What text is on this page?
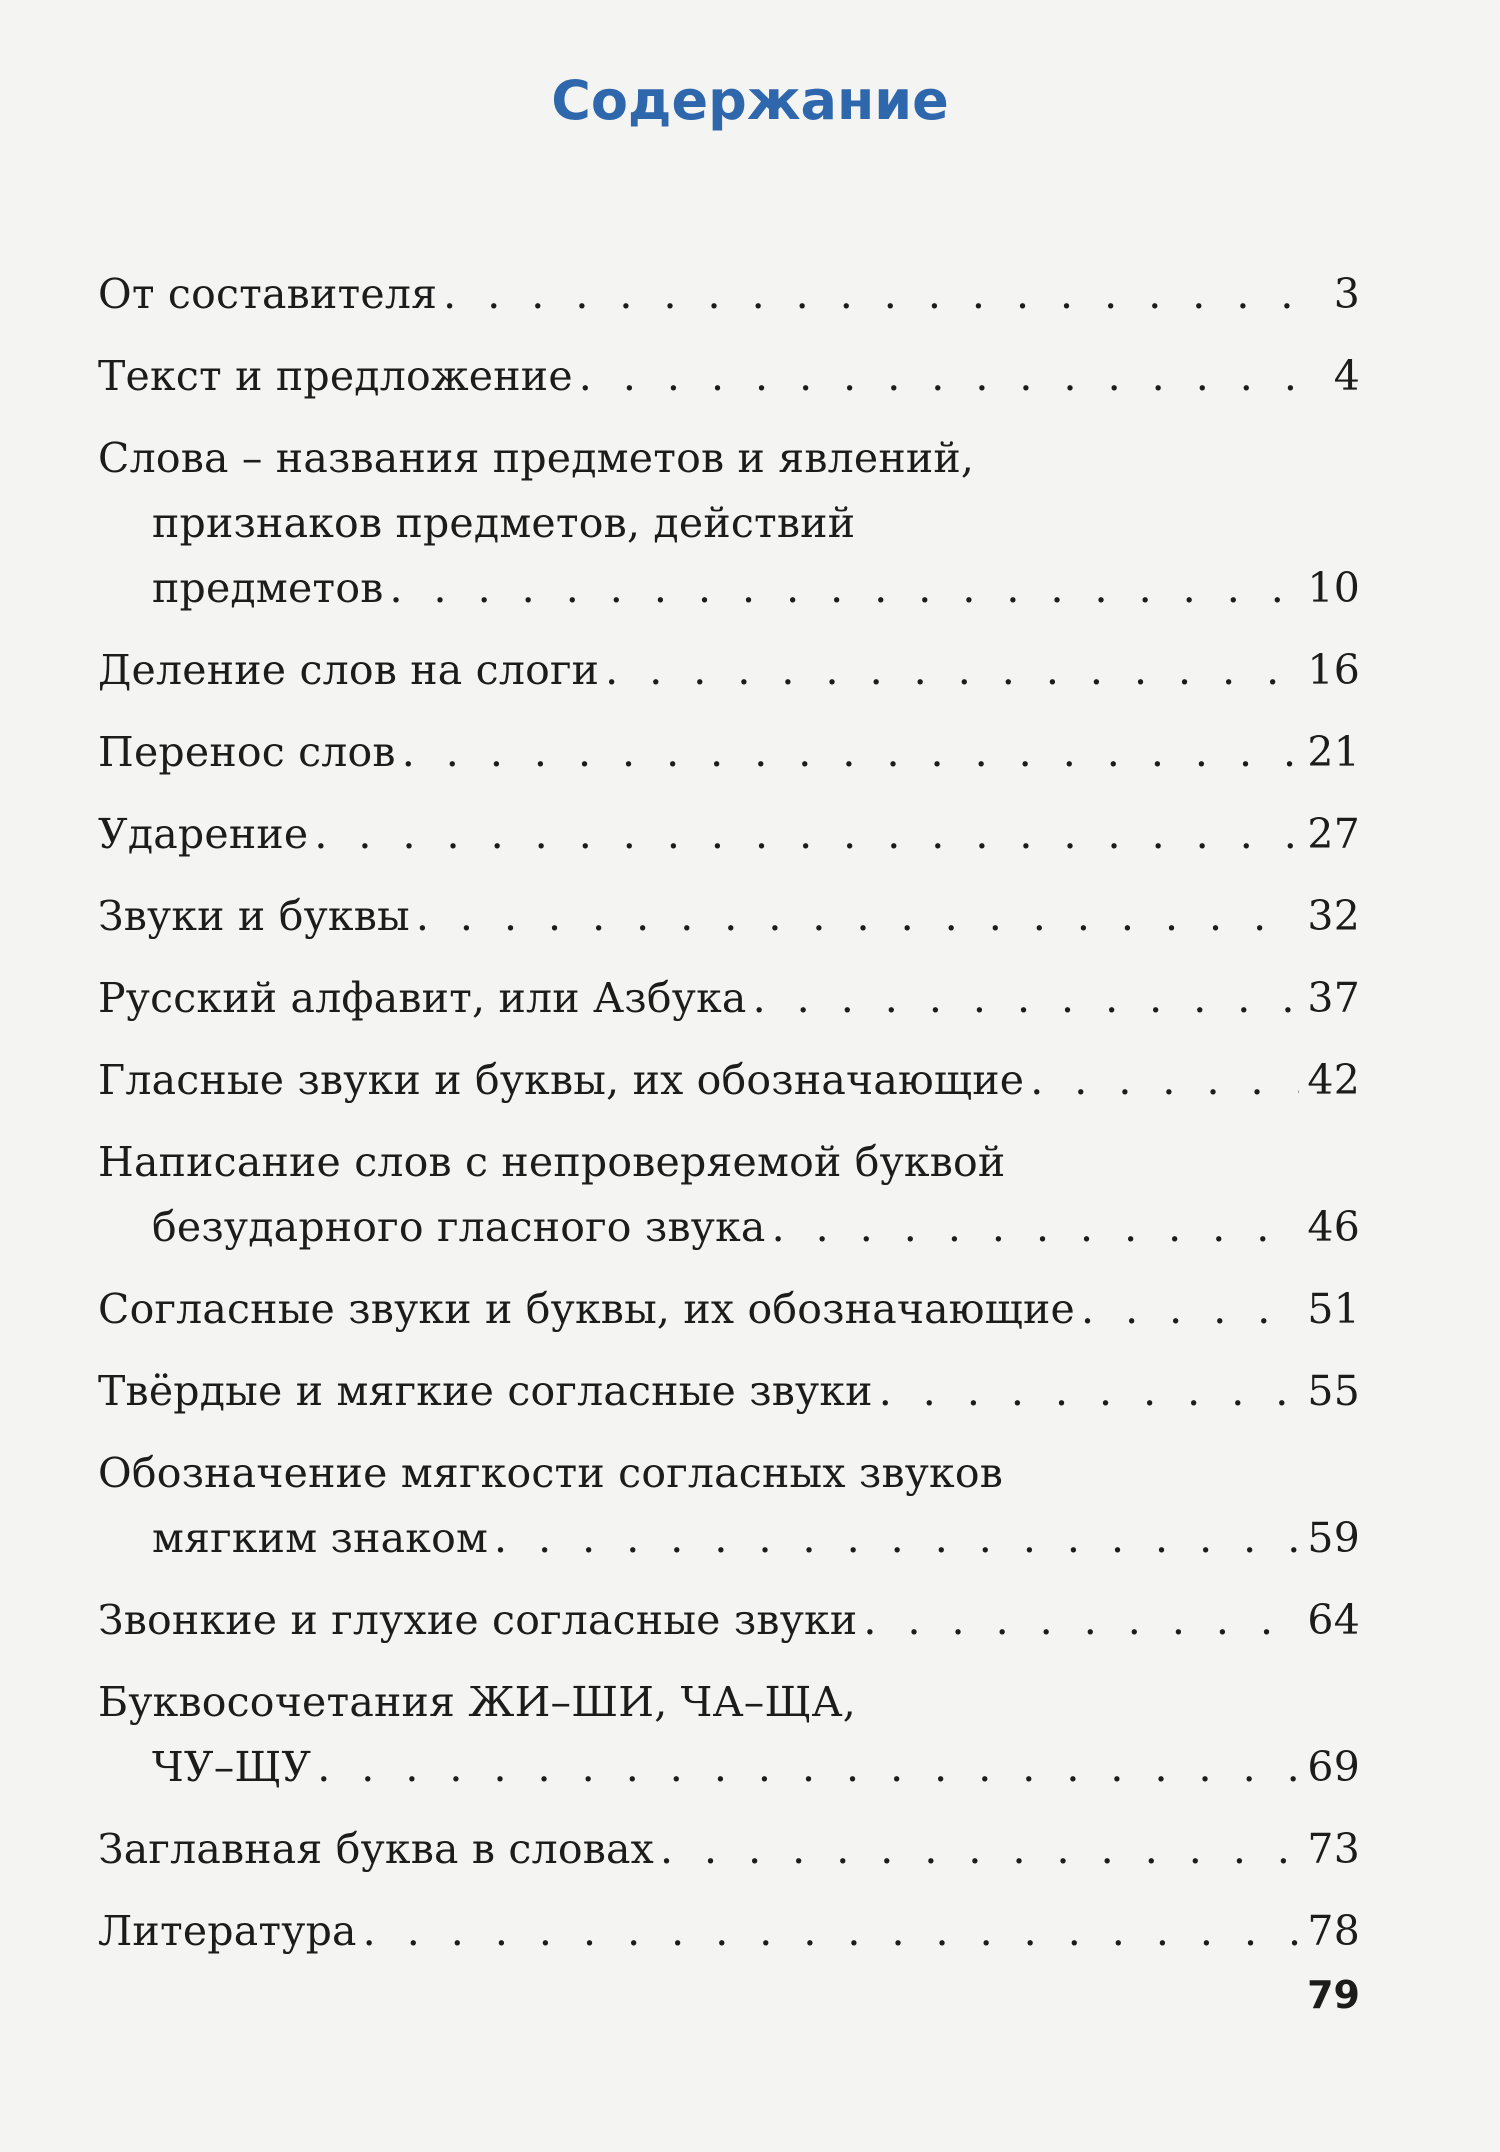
Содержание
От составителя . . .	3
Текст и предложение . . .	4
Слова – названия предметов и явлений,
признаков предметов, действий
предметов . . .	10
Деление слов на слоги . . .	16
Перенос слов . . .	21
Ударение . . .	27
Звуки и буквы . . .	32
Русский алфавит, или Азбука . . .	37
Гласные звуки и буквы, их обозначающие . . .	42
Написание слов с непроверяемой буквой
безударного гласного звука . . .	46
Согласные звуки и буквы, их обозначающие . . .	51
Твёрдые и мягкие согласные звуки . . .	55
Обозначение мягкости согласных звуков
мягким знаком . . .	59
Звонкие и глухие согласные звуки . . .	64
Буквосочетания ЖИ–ШИ, ЧА–ЩА,
ЧУ–ЩУ . . .	69
Заглавная буква в словах . . .	73
Литература . . .	78
79
